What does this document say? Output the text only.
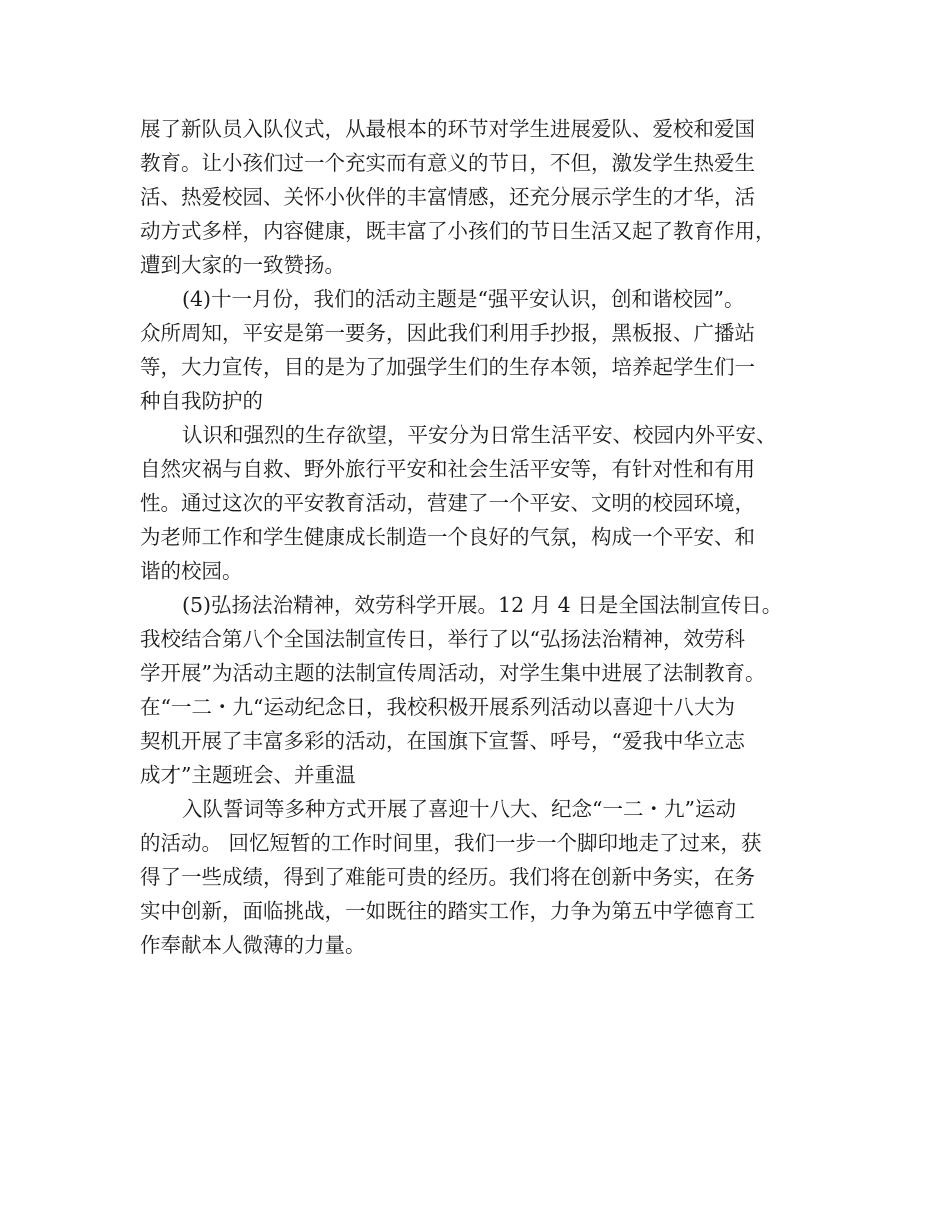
展了新队员入队仪式，从最根本的环节对学生进展爱队、爱校和爱国
教育。让小孩们过一个充实而有意义的节日，不但，激发学生热爱生
活、热爱校园、关怀小伙伴的丰富情感，还充分展示学生的才华，活
动方式多样，内容健康，既丰富了小孩们的节日生活又起了教育作用，
遭到大家的一致赞扬。
(4)十一月份，我们的活动主题是“强平安认识，创和谐校园”。
众所周知，平安是第一要务，因此我们利用手抄报，黑板报、广播站
等，大力宣传，目的是为了加强学生们的生存本领，培养起学生们一
种自我防护的
认识和强烈的生存欲望，平安分为日常生活平安、校园内外平安、
自然灾祸与自救、野外旅行平安和社会生活平安等，有针对性和有用
性。通过这次的平安教育活动，营建了一个平安、文明的校园环境，
为老师工作和学生健康成长制造一个良好的气氛，构成一个平安、和
谐的校园。
(5)弘扬法治精神，效劳科学开展。12 月 4 日是全国法制宣传日。
我校结合第八个全国法制宣传日，举行了以“弘扬法治精神，效劳科
学开展”为活动主题的法制宣传周活动，对学生集中进展了法制教育。
在“一二・九“运动纪念日，我校积极开展系列活动以喜迎十八大为
契机开展了丰富多彩的活动，在国旗下宣誓、呼号，“爱我中华立志
成才”主题班会、并重温
入队誓词等多种方式开展了喜迎十八大、纪念“一二・九”运动
的活动。 回忆短暂的工作时间里，我们一步一个脚印地走了过来，获
得了一些成绩，得到了难能可贵的经历。我们将在创新中务实，在务
实中创新，面临挑战，一如既往的踏实工作，力争为第五中学德育工
作奉献本人微薄的力量。
